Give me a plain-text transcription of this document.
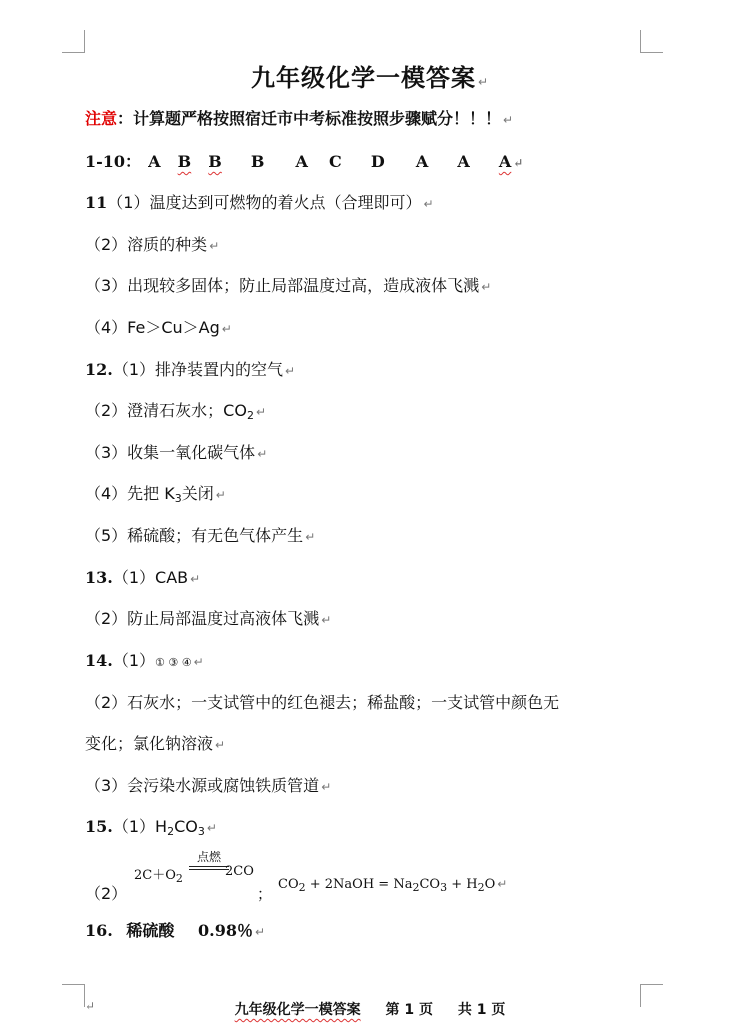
九年级化学一模答案 ↵
注意：计算题严格按照宿迁市中考标准按照步骤赋分！！！ ↵
1-10： A B B B A C D A A A ↵
11（1）温度达到可燃物的着火点（合理即可） ↵
（2）溶质的种类 ↵
（3）出现较多固体；防止局部温度过高，造成液体飞溅 ↵
（4）Fe＞Cu＞Ag ↵
12.（1）排净装置内的空气 ↵
（2）澄清石灰水；$CO_2$ ↵
（3）收集一氧化碳气体 ↵
（4）先把 $K_3$关闭 ↵
（5）稀硫酸；有无色气体产生 ↵
13.（1）CAB ↵
（2）防止局部温度过高液体飞溅 ↵
14.（1）① ③ ④ ↵
（2）石灰水；一支试管中的红色褪去；稀盐酸；一支试管中颜色无
变化；氯化钠溶液 ↵
（3）会污染水源或腐蚀铁质管道 ↵
$15.(1)H_2CO_3$ ↵
（2）
$2C+O_2$
点燃
2CO
；
$CO_2$ + 2NaOH = $Na_2CO_3 + H_2O$ ↵
16. 稀硫酸 0.98％ ↵
↵	九年级化学一模答案 第 1 页 共 1 页
